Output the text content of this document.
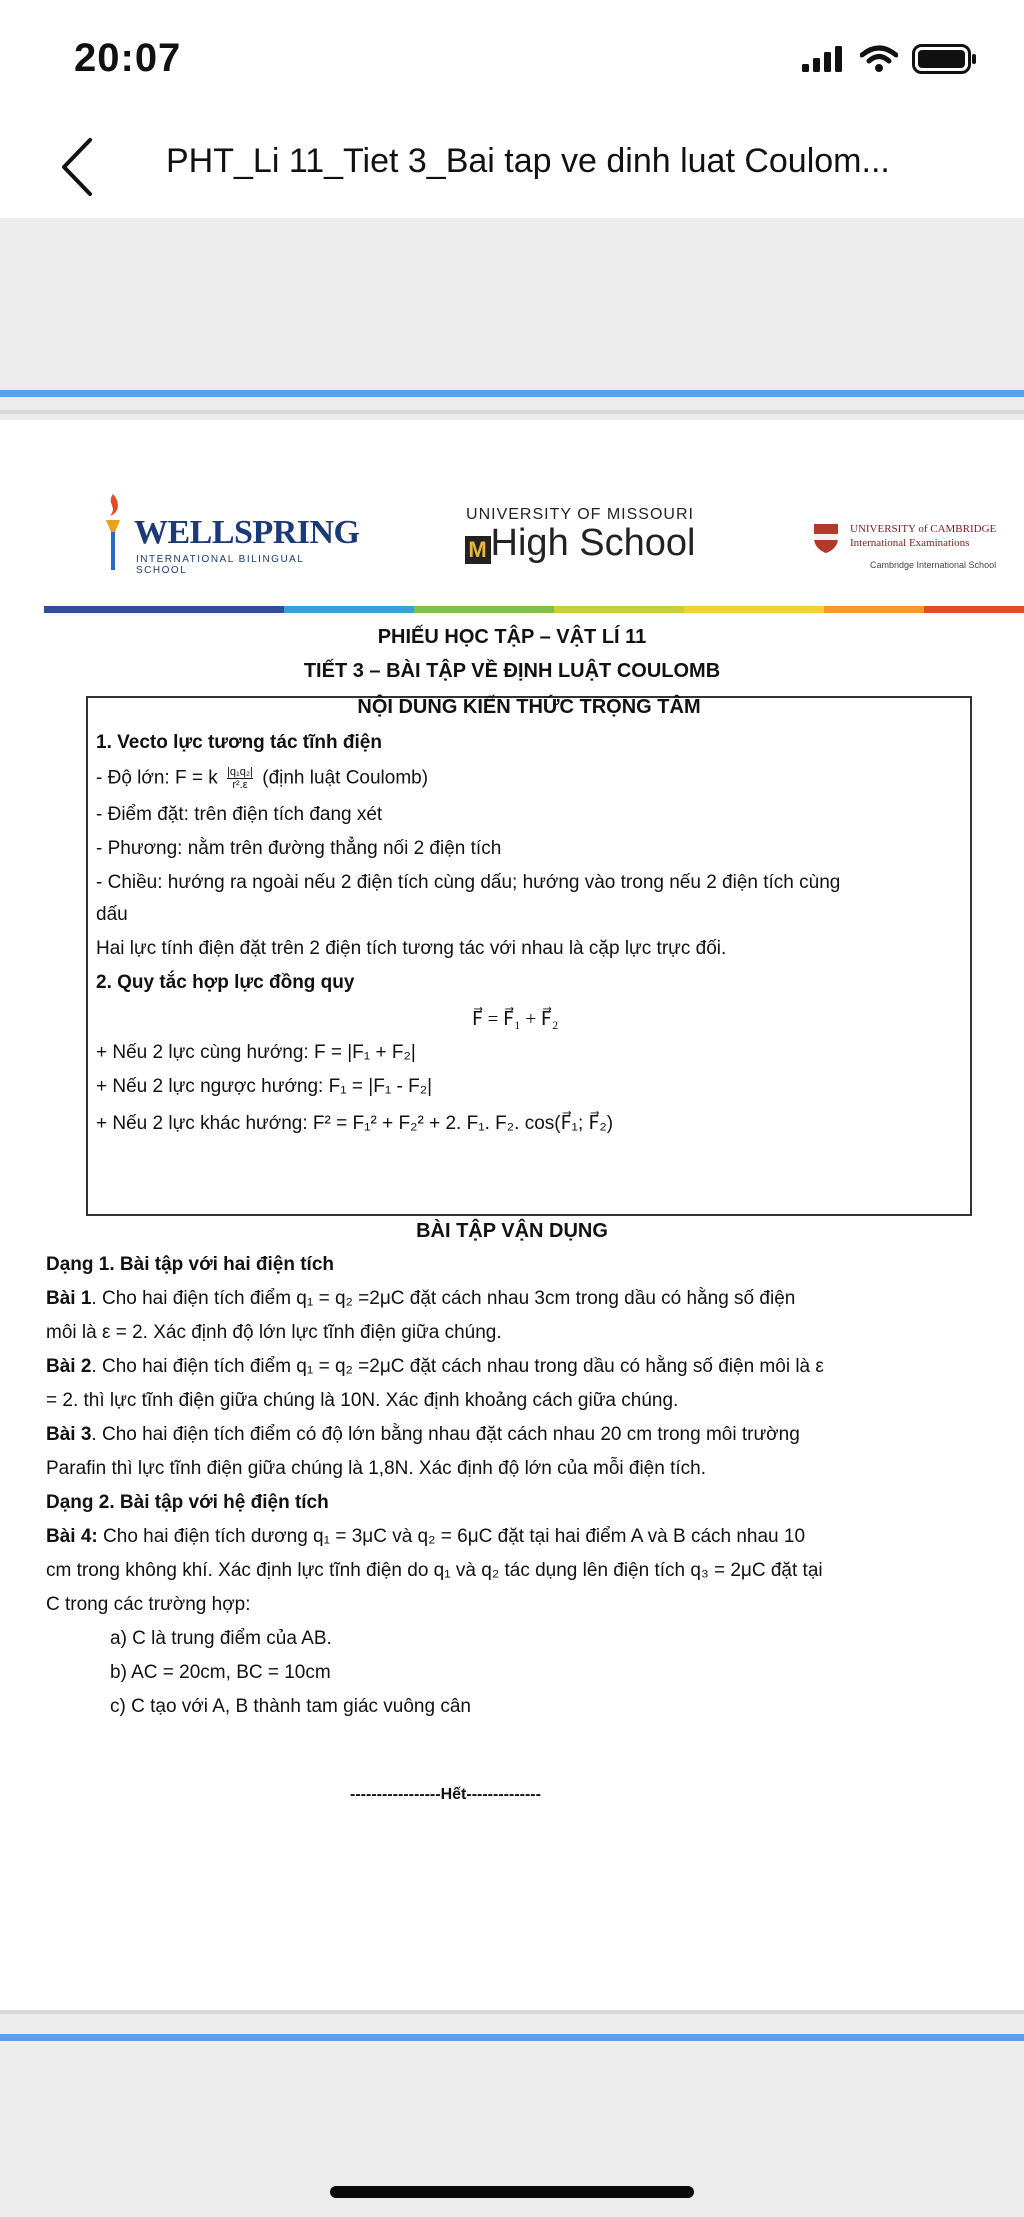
20:07
PHT_Li 11_Tiet 3_Bai tap ve dinh luat Coulom...
WELLSPRING
INTERNATIONAL BILINGUAL SCHOOL
UNIVERSITY OF MISSOURI
M High School	UNIVERSITY of CAMBRIDGE
International Examinations
Cambridge International School
PHIẾU HỌC TẬP – VẬT LÍ 11
TIẾT 3 – BÀI TẬP VỀ ĐỊNH LUẬT COULOMB
NỘI DUNG KIẾN THỨC TRỌNG TÂM
1. Vecto lực tương tác tĩnh điện
- Độ lớn: F = k $\frac{\text{|q₁q₂|}}{\text{r².ε}}$ (định luật Coulomb)
- Điểm đặt: trên điện tích đang xét
- Phương: nằm trên đường thẳng nối 2 điện tích
- Chiều: hướng ra ngoài nếu 2 điện tích cùng dấu; hướng vào trong nếu 2 điện tích cùng
dấu
Hai lực tính điện đặt trên 2 điện tích tương tác với nhau là cặp lực trực đối.
2. Quy tắc hợp lực đồng quy
F⃗ = F⃗₁ + F⃗₂
+ Nếu 2 lực cùng hướng: F = |F₁ + F₂|
+ Nếu 2 lực ngược hướng: F₁ = |F₁ - F₂|
+ Nếu 2 lực khác hướng: F² = F₁² + F₂² + 2. F₁. F₂. cos(F⃗₁; F⃗₂)
BÀI TẬP VẬN DỤNG
Dạng 1. Bài tập với hai điện tích
Bài 1. Cho hai điện tích điểm q₁ = q₂ =2μC đặt cách nhau 3cm trong dầu có hằng số điện
môi là ε = 2. Xác định độ lớn lực tĩnh điện giữa chúng.
Bài 2. Cho hai điện tích điểm q₁ = q₂ =2μC đặt cách nhau trong dầu có hằng số điện môi là ε
= 2. thì lực tĩnh điện giữa chúng là 10N. Xác định khoảng cách giữa chúng.
Bài 3. Cho hai điện tích điểm có độ lớn bằng nhau đặt cách nhau 20 cm trong môi trường
Parafin thì lực tĩnh điện giữa chúng là 1,8N. Xác định độ lớn của mỗi điện tích.
Dạng 2. Bài tập với hệ điện tích
Bài 4: Cho hai điện tích dương q₁ = 3μC và q₂ = 6μC đặt tại hai điểm A và B cách nhau 10
cm trong không khí. Xác định lực tĩnh điện do q₁ và q₂ tác dụng lên điện tích q₃ = 2μC đặt tại
C trong các trường hợp:
a) C là trung điểm của AB.
b) AC = 20cm, BC = 10cm
c) C tạo với A, B thành tam giác vuông cân
-----------------Hết--------------
